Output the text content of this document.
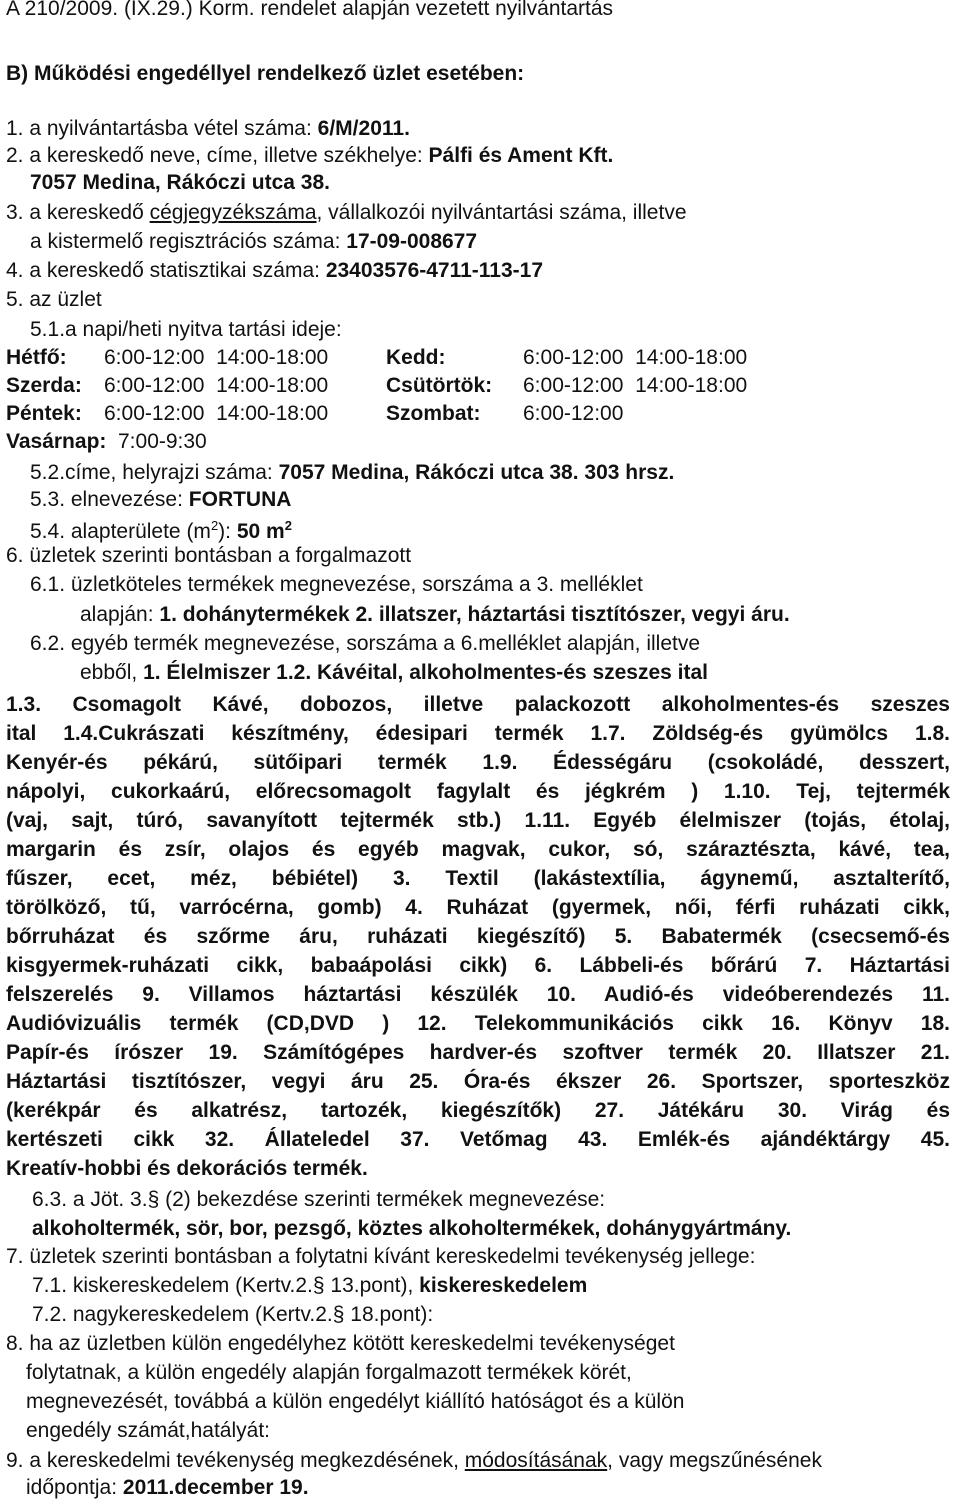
A 210/2009. (IX.29.) Korm. rendelet alapján vezetett nyilvántartás
B) Működési engedéllyel rendelkező üzlet esetében:
1. a nyilvántartásba vétel száma: 6/M/2011.
2. a kereskedő neve, címe, illetve székhelye: Pálfi és Ament Kft.
7057 Medina, Rákóczi utca 38.
3. a kereskedő cégjegyzékszáma, vállalkozói nyilvántartási száma, illetve
a kistermelő regisztrációs száma: 17-09-008677
4. a kereskedő statisztikai száma: 23403576-4711-113-17
5. az üzlet
5.1.a napi/heti nyitva tartási ideje:
Hétfő: 6:00-12:00  14:00-18:00	Kedd:	6:00-12:00  14:00-18:00
Szerda: 6:00-12:00  14:00-18:00	Csütörtök: 6:00-12:00  14:00-18:00
Péntek: 6:00-12:00  14:00-18:00	Szombat: 6:00-12:00
Vasárnap: 7:00-9:30
5.2.címe, helyrajzi száma: 7057 Medina, Rákóczi utca 38. 303 hrsz.
5.3. elnevezése: FORTUNA
5.4. alapterülete $(m^2)$: 50 $m^2$
6. üzletek szerinti bontásban a forgalmazott
6.1. üzletköteles termékek megnevezése, sorszáma a 3. melléklet
alapján: 1. dohánytermékek 2. illatszer, háztartási tisztítószer, vegyi áru.
6.2. egyéb termék megnevezése, sorszáma a 6.melléklet alapján, illetve
ebből, 1. Élelmiszer 1.2. Kávéital, alkoholmentes-és szeszes ital
1.3. Csomagolt Kávé, dobozos, illetve palackozott alkoholmentes-és szeszes
ital 1.4.Cukrászati készítmény, édesipari termék 1.7. Zöldség-és gyümölcs 1.8.
Kenyér-és pékárú, sütőipari termék 1.9. Édességáru (csokoládé, desszert,
nápolyi, cukorkaárú, előrecsomagolt fagylalt és jégkrém ) 1.10. Tej, tejtermék
(vaj, sajt, túró, savanyított tejtermék stb.) 1.11. Egyéb élelmiszer (tojás, étolaj,
margarin és zsír, olajos és egyéb magvak, cukor, só, száraztészta, kávé, tea,
fűszer, ecet, méz, bébiétel) 3. Textil (lakástextília, ágynemű, asztalterítő,
törölköző, tű, varrócérna, gomb) 4. Ruházat (gyermek, női, férfi ruházati cikk,
bőrruházat és szőrme áru, ruházati kiegészítő) 5. Babatermék (csecsemő-és
kisgyermek-ruházati cikk, babaápolási cikk) 6. Lábbeli-és bőrárú 7. Háztartási
felszerelés 9. Villamos háztartási készülék 10. Audió-és videóberendezés 11.
Audióvizuális termék (CD,DVD ) 12. Telekommunikációs cikk 16. Könyv 18.
Papír-és írószer 19. Számítógépes hardver-és szoftver termék 20. Illatszer 21.
Háztartási tisztítószer, vegyi áru 25. Óra-és ékszer 26. Sportszer, sporteszköz
(kerékpár és alkatrész, tartozék, kiegészítők) 27. Játékáru 30. Virág és
kertészeti cikk 32. Állateledel 37. Vetőmag 43. Emlék-és ajándéktárgy 45.
Kreatív-hobbi és dekorációs termék.
6.3. a Jöt. 3.§ (2) bekezdése szerinti termékek megnevezése:
alkoholtermék, sör, bor, pezsgő, köztes alkoholtermékek, dohánygyártmány.
7. üzletek szerinti bontásban a folytatni kívánt kereskedelmi tevékenység jellege:
7.1. kiskereskedelem (Kertv.2.§ 13.pont), kiskereskedelem
7.2. nagykereskedelem (Kertv.2.§ 18.pont):
8. ha az üzletben külön engedélyhez kötött kereskedelmi tevékenységet
folytatnak, a külön engedély alapján forgalmazott termékek körét,
megnevezését, továbbá a külön engedélyt kiállító hatóságot és a külön
engedély számát,hatályát:
9. a kereskedelmi tevékenység megkezdésének, módosításának, vagy megszűnésének
időpontja: 2011.december 19.
